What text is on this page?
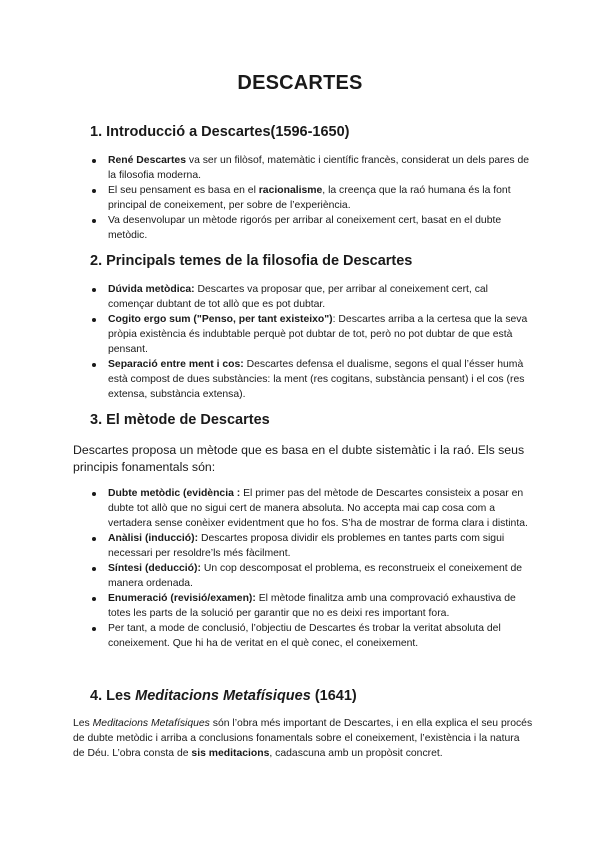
DESCARTES
1. Introducció a Descartes(1596-1650)
René Descartes va ser un filòsof, matemàtic i científic francès, considerat un dels pares de la filosofia moderna.
El seu pensament es basa en el racionalisme, la creença que la raó humana és la font principal de coneixement, per sobre de l’experiència.
Va desenvolupar un mètode rigorós per arribar al coneixement cert, basat en el dubte metòdic.
2. Principals temes de la filosofia de Descartes
Dúvida metòdica: Descartes va proposar que, per arribar al coneixement cert, cal començar dubtant de tot allò que es pot dubtar.
Cogito ergo sum ("Penso, per tant existeixo"): Descartes arriba a la certesa que la seva pròpia existència és indubtable perquè pot dubtar de tot, però no pot dubtar de que està pensant.
Separació entre ment i cos: Descartes defensa el dualisme, segons el qual l’ésser humà està compost de dues substàncies: la ment (res cogitans, substància pensant) i el cos (res extensa, substància extensa).
3. El mètode de Descartes
Descartes proposa un mètode que es basa en el dubte sistemàtic i la raó. Els seus principis fonamentals són:
Dubte metòdic (evidència : El primer pas del mètode de Descartes consisteix a posar en dubte tot allò que no sigui cert de manera absoluta. No accepta mai cap cosa com a vertadera sense conèixer evidentment que ho fos. S’ha de mostrar de forma clara i distinta.
Anàlisi (inducció): Descartes proposa dividir els problemes en tantes parts com sigui necessari per resoldre’ls més fàcilment.
Síntesi (deducció): Un cop descomposat el problema, es reconstrueix el coneixement de manera ordenada.
Enumeració (revisió/examen): El mètode finalitza amb una comprovació exhaustiva de totes les parts de la solució per garantir que no es deixi res important fora.
Per tant, a mode de conclusió, l’objectiu de Descartes és trobar la veritat absoluta del coneixement. Que hi ha de veritat en el què conec, el coneixement.
4. Les Meditacions Metafísiques (1641)
Les Meditacions Metafísiques són l’obra més important de Descartes, i en ella explica el seu procés de dubte metòdic i arriba a conclusions fonamentals sobre el coneixement, l’existència i la natura de Déu. L’obra consta de sis meditacions, cadascuna amb un propòsit concret.
